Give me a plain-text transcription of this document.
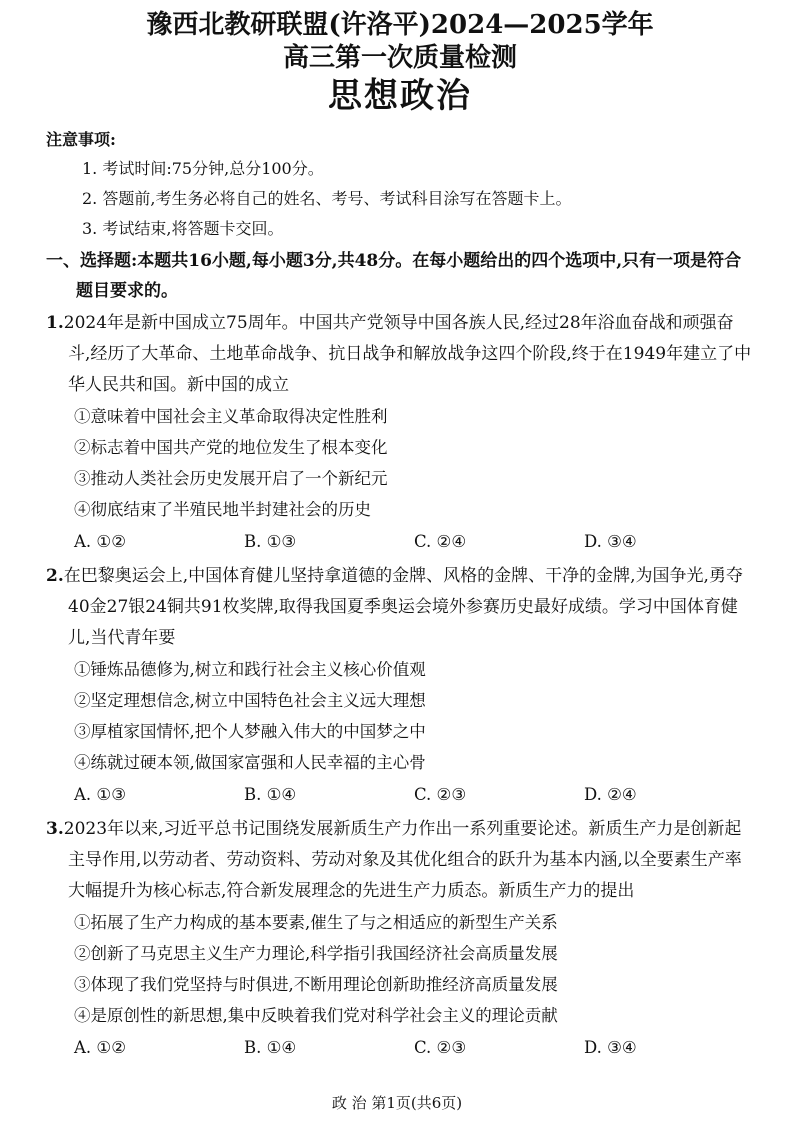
豫西北教研联盟(许洛平)2024—2025学年
高三第一次质量检测
思想政治
注意事项:
1. 考试时间:75分钟,总分100分。
2. 答题前,考生务必将自己的姓名、考号、考试科目涂写在答题卡上。
3. 考试结束,将答题卡交回。
一、选择题:本题共16小题,每小题3分,共48分。在每小题给出的四个选项中,只有一项是符合题目要求的。
1.2024年是新中国成立75周年。中国共产党领导中国各族人民,经过28年浴血奋战和顽强奋斗,经历了大革命、土地革命战争、抗日战争和解放战争这四个阶段,终于在1949年建立了中华人民共和国。新中国的成立
①意味着中国社会主义革命取得决定性胜利
②标志着中国共产党的地位发生了根本变化
③推动人类社会历史发展开启了一个新纪元
④彻底结束了半殖民地半封建社会的历史
A. ①②	B. ①③	C. ②④	D. ③④
2.在巴黎奥运会上,中国体育健儿坚持拿道德的金牌、风格的金牌、干净的金牌,为国争光,勇夺40金27银24铜共91枚奖牌,取得我国夏季奥运会境外参赛历史最好成绩。学习中国体育健儿,当代青年要
①锤炼品德修为,树立和践行社会主义核心价值观
②坚定理想信念,树立中国特色社会主义远大理想
③厚植家国情怀,把个人梦融入伟大的中国梦之中
④练就过硬本领,做国家富强和人民幸福的主心骨
A. ①③	B. ①④	C. ②③	D. ②④
3.2023年以来,习近平总书记围绕发展新质生产力作出一系列重要论述。新质生产力是创新起主导作用,以劳动者、劳动资料、劳动对象及其优化组合的跃升为基本内涵,以全要素生产率大幅提升为核心标志,符合新发展理念的先进生产力质态。新质生产力的提出
①拓展了生产力构成的基本要素,催生了与之相适应的新型生产关系
②创新了马克思主义生产力理论,科学指引我国经济社会高质量发展
③体现了我们党坚持与时俱进,不断用理论创新助推经济高质量发展
④是原创性的新思想,集中反映着我们党对科学社会主义的理论贡献
A. ①②	B. ①④	C. ②③	D. ③④
政 治 第1页(共6页)
